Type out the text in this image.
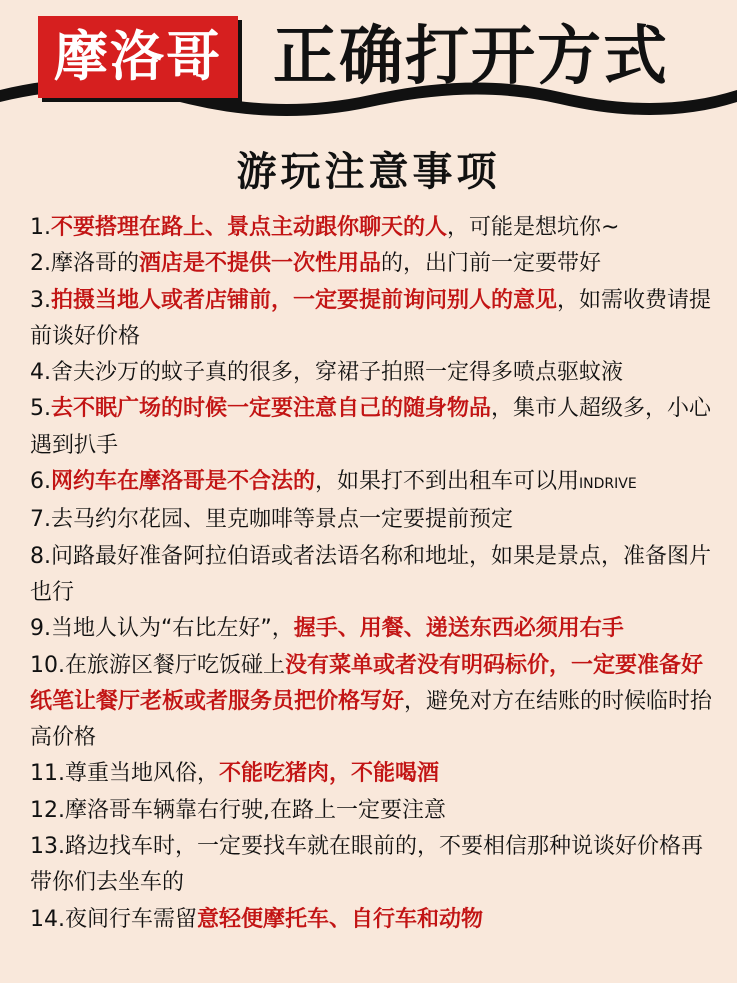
摩洛哥 正确打开方式
游玩注意事项

1.不要搭理在路上、景点主动跟你聊天的人，可能是想坑你~

2.摩洛哥的酒店是不提供一次性用品的，出门前一定要带好

3.拍摄当地人或者店铺前，一定要提前询问别人的意见，如需收费请提前谈好价格

4.舍夫沙万的蚊子真的很多，穿裙子拍照一定得多喷点驱蚊液

5.去不眠广场的时候一定要注意自己的随身物品，集市人超级多，小心遇到扒手

6.网约车在摩洛哥是不合法的，如果打不到出租车可以用INDRIVE

7.去马约尔花园、里克咖啡等景点一定要提前预定

8.问路最好准备阿拉伯语或者法语名称和地址，如果是景点，准备图片也行

9.当地人认为“右比左好”，握手、用餐、递送东西必须用右手

10.在旅游区餐厅吃饭碰上没有菜单或者没有明码标价，一定要准备好纸笔让餐厅老板或者服务员把价格写好，避免对方在结账的时候临时抬高价格

11.尊重当地风俗，不能吃猪肉，不能喝酒

12.摩洛哥车辆靠右行驶,在路上一定要注意

13.路边找车时，一定要找车就在眼前的，不要相信那种说谈好价格再带你们去坐车的

14.夜间行车需留意轻便摩托车、自行车和动物
